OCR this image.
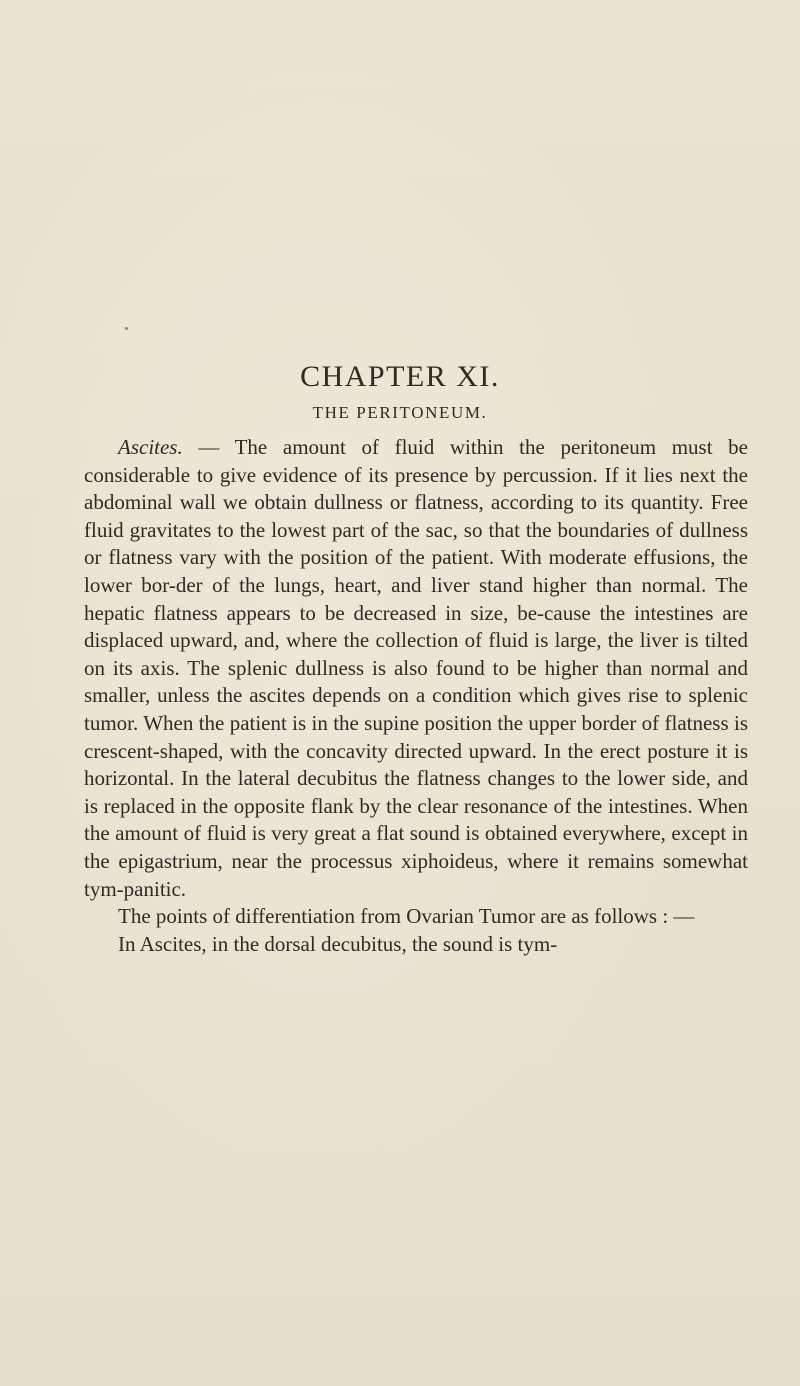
CHAPTER XI.
THE PERITONEUM.

Ascites. — The amount of fluid within the peritoneum must be considerable to give evidence of its presence by percussion. If it lies next the abdominal wall we obtain dullness or flatness, according to its quantity. Free fluid gravitates to the lowest part of the sac, so that the boundaries of dullness or flatness vary with the position of the patient. With moderate effusions, the lower bor-der of the lungs, heart, and liver stand higher than normal. The hepatic flatness appears to be decreased in size, be-cause the intestines are displaced upward, and, where the collection of fluid is large, the liver is tilted on its axis. The splenic dullness is also found to be higher than normal and smaller, unless the ascites depends on a condition which gives rise to splenic tumor. When the patient is in the supine position the upper border of flatness is crescent-shaped, with the concavity directed upward. In the erect posture it is horizontal. In the lateral decubitus the flatness changes to the lower side, and is replaced in the opposite flank by the clear resonance of the intestines. When the amount of fluid is very great a flat sound is obtained everywhere, except in the epigastrium, near the processus xiphoideus, where it remains somewhat tym-panitic.

The points of differentiation from Ovarian Tumor are as follows : —

In Ascites, in the dorsal decubitus, the sound is tym-
